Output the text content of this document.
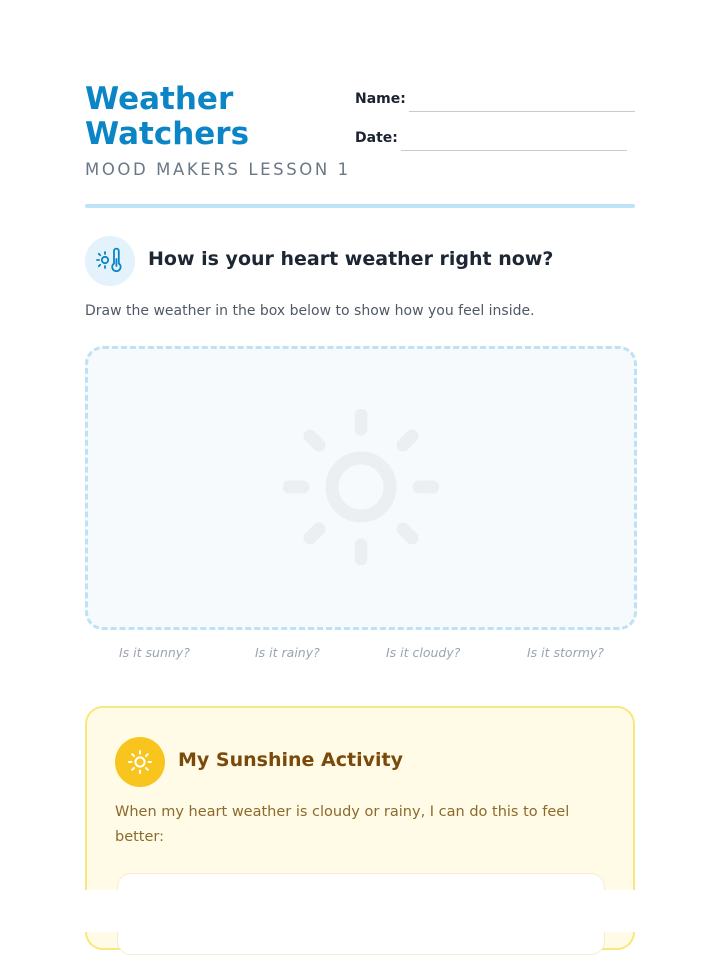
Weather Watchers
MOOD MAKERS LESSON 1
Name:
Date:
How is your heart weather right now?
Draw the weather in the box below to show how you feel inside.
Is it sunny?	Is it rainy?	Is it cloudy?	Is it stormy?
My Sunshine Activity
When my heart weather is cloudy or rainy, I can do this to feel better:
